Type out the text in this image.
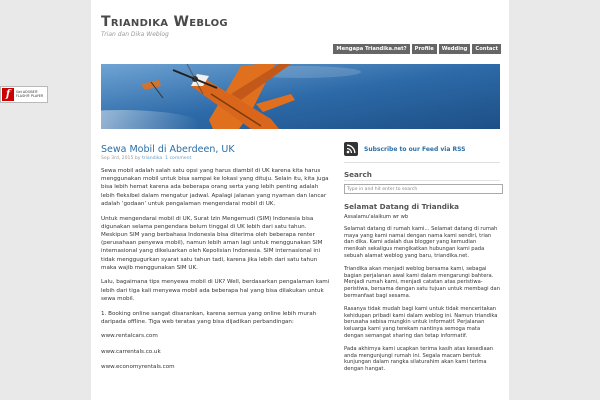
f	Get ADOBE®
FLASH® PLAYER
Triandika Weblog
Trian dan Dika Weblog
Mengapa Triandika.net?	Profile	Wedding	Contact
Sewa Mobil di Aberdeen, UK
Sep 3rd, 2015 by triandika. 1 comment

Sewa mobil adalah salah satu opsi yang harus diambil di UK karena kita harus menggunakan mobil untuk bisa sampai ke lokasi yang dituju. Selain itu, kita juga bisa lebih hemat karena ada beberapa orang serta yang lebih penting adalah lebih fleksibel dalam mengatur jadwal. Apalagi jalanan yang nyaman dan lancar adalah ‘godaan’ untuk pengalaman mengendarai mobil di UK.

Untuk mengendarai mobil di UK, Surat Izin Mengemudi (SIM) Indonesia bisa digunakan selama pengendara belum tinggal di UK lebih dari satu tahun. Meskipun SIM yang berbahasa Indonesia bisa diterima oleh beberapa renter (perusahaan penyewa mobil), namun lebih aman lagi untuk menggunakan SIM internasional yang dikeluarkan oleh Kepolisian Indonesia. SIM internasional ini tidak menggugurkan syarat satu tahun tadi, karena jika lebih dari satu tahun maka wajib menggunakan SIM UK.

Lalu, bagaimana tips menyewa mobil di UK? Well, berdasarkan pengalaman kami lebih dari tiga kali menyewa mobil ada beberapa hal yang bisa dilakukan untuk sewa mobil.

1. Booking online sangat disarankan, karena semua yang online lebih murah daripada offline. Tiga web teratas yang bisa dijadikan perbandingan:

www.rentalcars.com

www.carrentals.co.uk

www.economyrentals.com

Subscribe to our Feed via RSS
Search
Type in and hit enter to search
Selamat Datang di Triandika

Assalamu'alaikum wr wb

Selamat datang di rumah kami... Selamat datang di rumah maya yang kami namai dengan nama kami sendiri, trian dan dika. Kami adalah dua blogger yang kemudian menikah sekaligus mengikatkan hubungan kami pada sebuah alamat weblog yang baru, triandika.net.

Triandika akan menjadi weblog bersama kami, sebagai bagian perjalanan awal kami dalam mengarungi bahtera. Menjadi rumah kami, menjadi catatan atas peristiwa-peristiwa, bersama dengan satu tujuan untuk membagi dan bermanfaat bagi sesama.

Rasanya tidak mudah bagi kami untuk tidak menceritakan kehidupan pribadi kami dalam weblog ini. Namun triandika berusaha sebisa mungkin untuk informatif. Perjalanan keluarga kami yang terekam nantinya semoga mata dengan semangat sharing dan tetap informatif.

Pada akhirnya kami ucapkan terima kasih atas kesediaan anda mengunjungi rumah ini. Segala macam bentuk kunjungan dalam rangka silaturahim akan kami terima dengan hangat.
